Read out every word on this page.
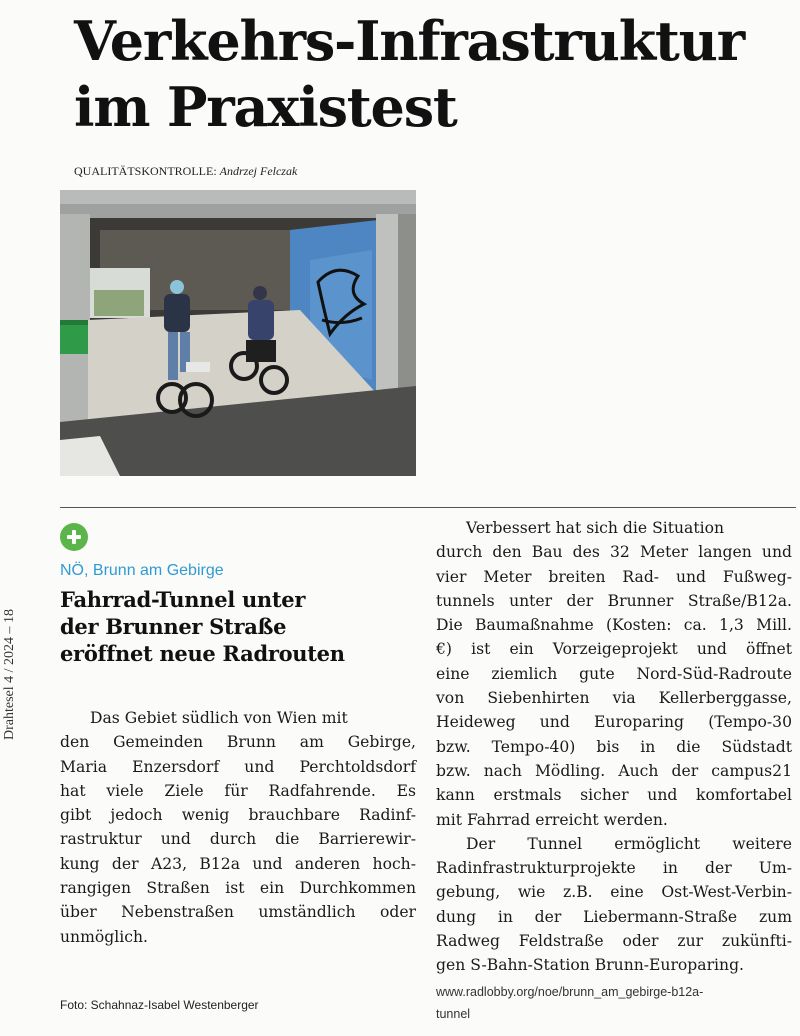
Verkehrs-Infrastruktur
im Praxistest
QUALITÄTSKONTROLLE: Andrzej Felczak
Drahtesel 4 / 2024 – 18
NÖ, Brunn am Gebirge
Fahrrad-Tunnel unter
der Brunner Straße
eröffnet neue Radrouten
Das Gebiet südlich von Wien mit
den Gemeinden Brunn am Gebirge,
Maria Enzersdorf und Perchtoldsdorf
hat viele Ziele für Radfahrende. Es
gibt jedoch wenig brauchbare Radinf-
rastruktur und durch die Barrierewir-
kung der A23, B12a und anderen hoch-
rangigen Straßen ist ein Durchkommen
über Nebenstraßen umständlich oder
unmöglich.
Verbessert hat sich die Situation
durch den Bau des 32 Meter langen und
vier Meter breiten Rad- und Fußweg-
tunnels unter der Brunner Straße/B12a.
Die Baumaßnahme (Kosten: ca. 1,3 Mill.
€) ist ein Vorzeigeprojekt und öffnet
eine ziemlich gute Nord-Süd-Radroute
von Siebenhirten via Kellerberggasse,
Heideweg und Europaring (Tempo-30
bzw. Tempo-40) bis in die Südstadt
bzw. nach Mödling. Auch der campus21
kann erstmals sicher und komfortabel
mit Fahrrad erreicht werden.
Der Tunnel ermöglicht weitere
Radinfrastrukturprojekte in der Um-
gebung, wie z.B. eine Ost-West-Verbin-
dung in der Liebermann-Straße zum
Radweg Feldstraße oder zur zukünfti-
gen S-Bahn-Station Brunn-Europaring.
www.radlobby.org/noe/brunn_am_gebirge-b12a-
tunnel
Foto: Schahnaz-Isabel Westenberger
